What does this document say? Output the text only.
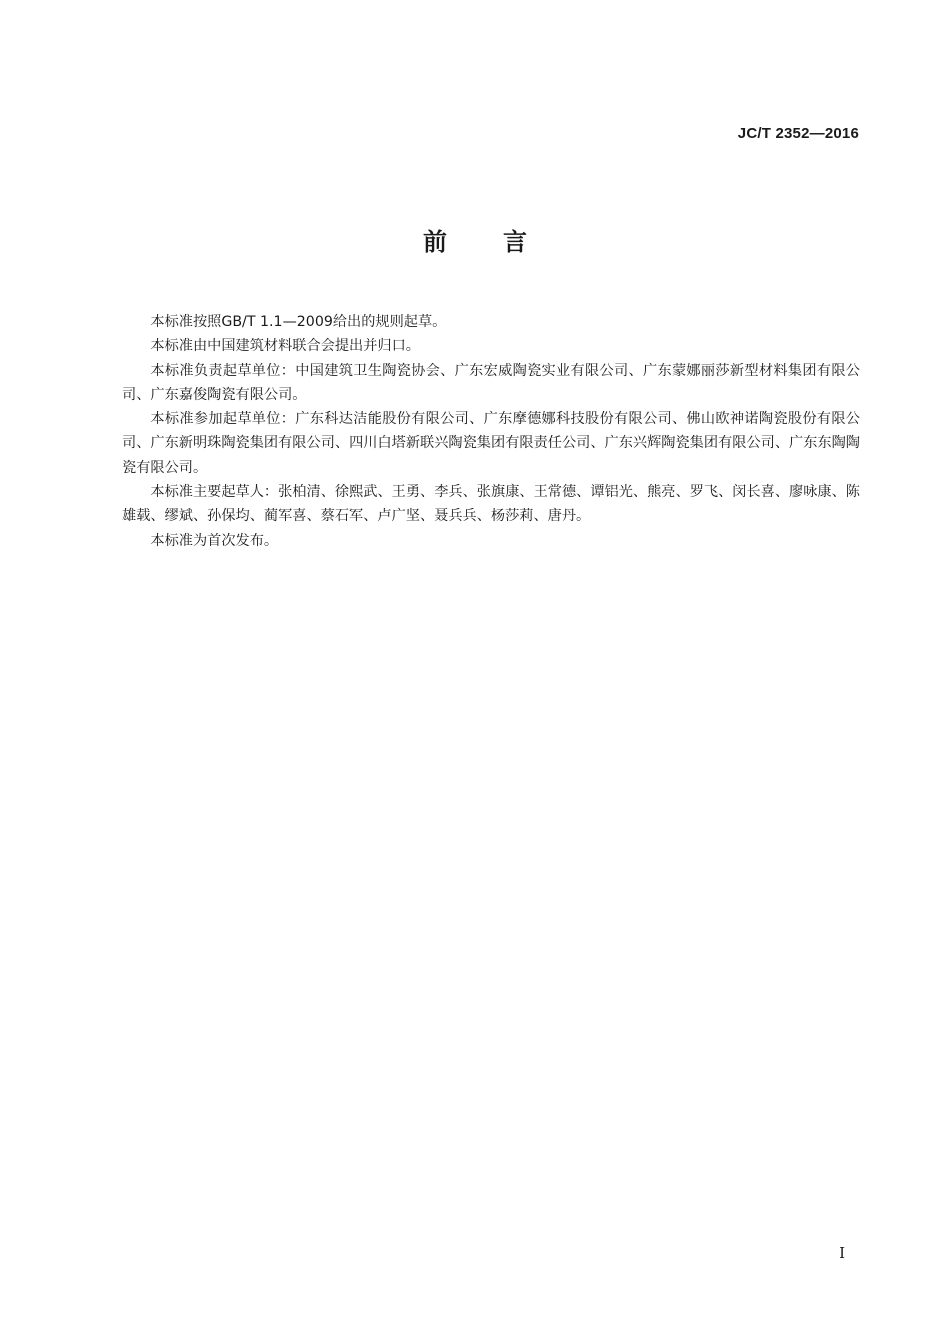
JC/T 2352—2016
前言

本标准按照GB/T 1.1—2009给出的规则起草。

本标准由中国建筑材料联合会提出并归口。

本标准负责起草单位：中国建筑卫生陶瓷协会、广东宏威陶瓷实业有限公司、广东蒙娜丽莎新型材料集团有限公司、广东嘉俊陶瓷有限公司。

本标准参加起草单位：广东科达洁能股份有限公司、广东摩德娜科技股份有限公司、佛山欧神诺陶瓷股份有限公司、广东新明珠陶瓷集团有限公司、四川白塔新联兴陶瓷集团有限责任公司、广东兴辉陶瓷集团有限公司、广东东陶陶瓷有限公司。

本标准主要起草人：张柏清、徐熙武、王勇、李兵、张旗康、王常德、谭铝光、熊亮、罗飞、闵长喜、廖咏康、陈雄载、缪斌、孙保均、蔺军喜、蔡石军、卢广坚、聂兵兵、杨莎莉、唐丹。

本标准为首次发布。

I
